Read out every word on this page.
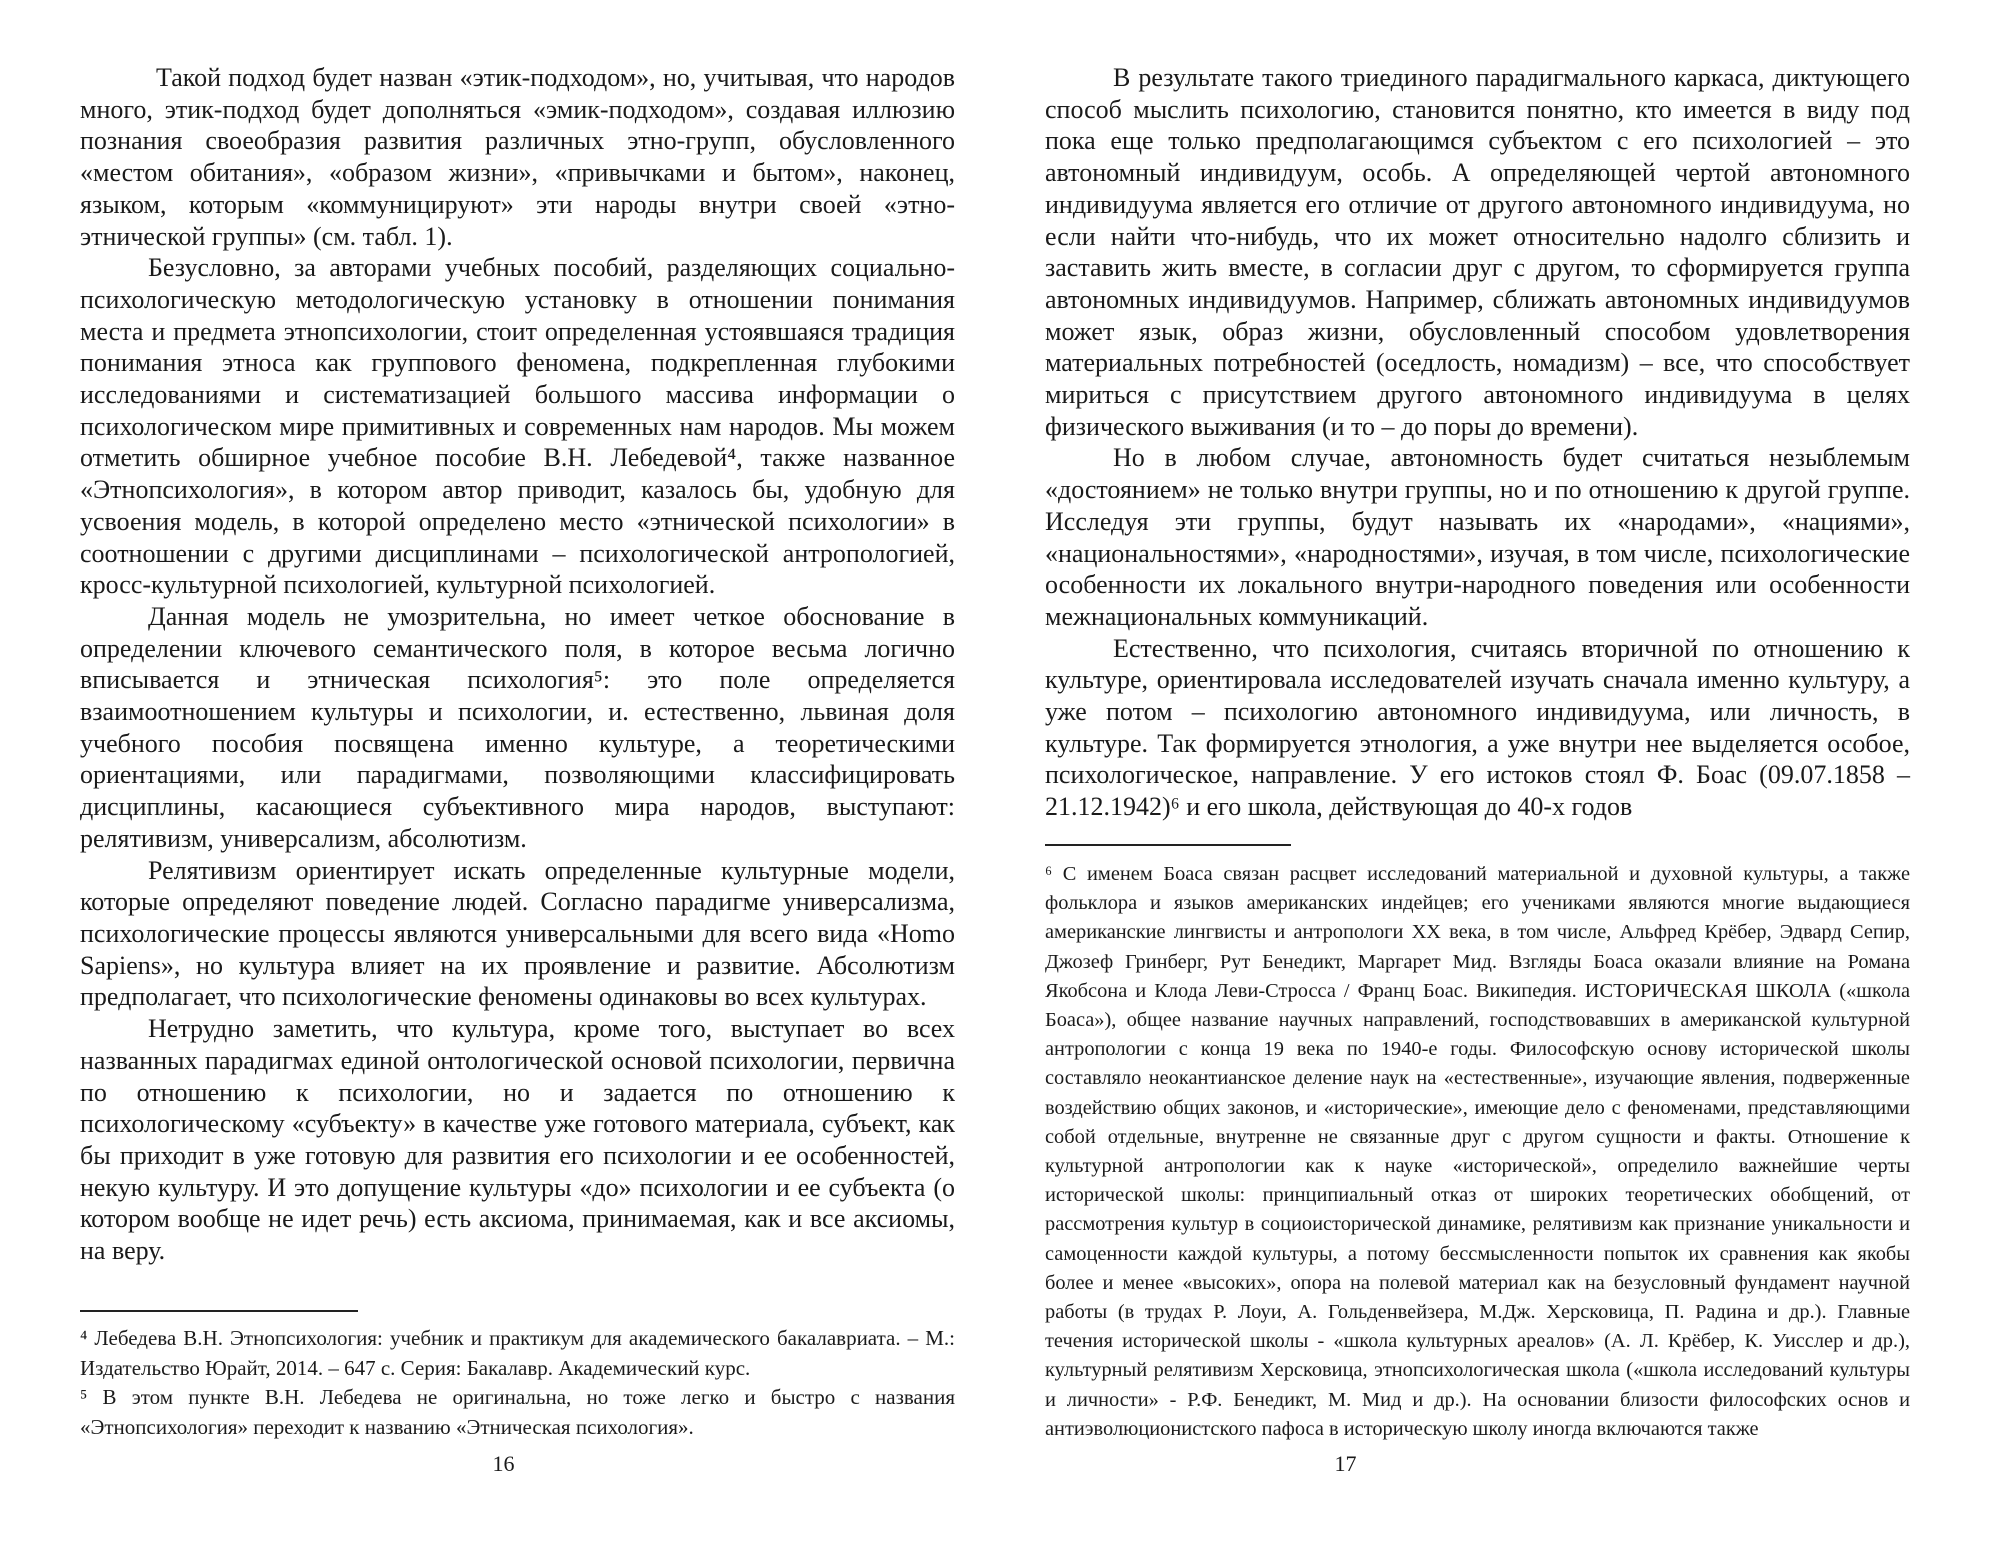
Такой подход будет назван «этик-подходом», но, учитывая, что народов много, этик-подход будет дополняться «эмик-подходом», создавая иллюзию познания своеобразия развития различных этно-групп, обусловленного «местом обитания», «образом жизни», «привычками и бытом», наконец, языком, которым «коммуницируют» эти народы внутри своей «этно-этнической группы» (см. табл. 1).

Безусловно, за авторами учебных пособий, разделяющих социально-психологическую методологическую установку в отношении понимания места и предмета этнопсихологии, стоит определенная устоявшаяся традиция понимания этноса как группового феномена, подкрепленная глубокими исследованиями и систематизацией большого массива информации о психологическом мире примитивных и современных нам народов. Мы можем отметить обширное учебное пособие В.Н. Лебедевой⁴, также названное «Этнопсихология», в котором автор приводит, казалось бы, удобную для усвоения модель, в которой определено место «этнической психологии» в соотношении с другими дисциплинами – психологической антропологией, кросс-культурной психологией, культурной психологией.

Данная модель не умозрительна, но имеет четкое обоснование в определении ключевого семантического поля, в которое весьма логично вписывается и этническая психология⁵: это поле определяется взаимоотношением культуры и психологии, и. естественно, львиная доля учебного пособия посвящена именно культуре, а теоретическими ориентациями, или парадигмами, позволяющими классифицировать дисциплины, касающиеся субъективного мира народов, выступают: релятивизм, универсализм, абсолютизм.

Релятивизм ориентирует искать определенные культурные модели, которые определяют поведение людей. Согласно парадигме универсализма, психологические процессы являются универсальными для всего вида «Homo Sapiens», но культура влияет на их проявление и развитие. Абсолютизм предполагает, что психологические феномены одинаковы во всех культурах.

Нетрудно заметить, что культура, кроме того, выступает во всех названных парадигмах единой онтологической основой психологии, первична по отношению к психологии, но и задается по отношению к психологическому «субъекту» в качестве уже готового материала, субъект, как бы приходит в уже готовую для развития его психологии и ее особенностей, некую культуру. И это допущение культуры «до» психологии и ее субъекта (о котором вообще не идет речь) есть аксиома, принимаемая, как и все аксиомы, на веру.

⁴ Лебедева В.Н. Этнопсихология: учебник и практикум для академического бакалавриата. – М.: Издательство Юрайт, 2014. – 647 с. Серия: Бакалавр. Академический курс.

⁵ В этом пункте В.Н. Лебедева не оригинальна, но тоже легко и быстро с названия «Этнопсихология» переходит к названию «Этническая психология».

16

В результате такого триединого парадигмального каркаса, диктующего способ мыслить психологию, становится понятно, кто имеется в виду под пока еще только предполагающимся субъектом с его психологией – это автономный индивидуум, особь. А определяющей чертой автономного индивидуума является его отличие от другого автономного индивидуума, но если найти что-нибудь, что их может относительно надолго сблизить и заставить жить вместе, в согласии друг с другом, то сформируется группа автономных индивидуумов. Например, сближать автономных индивидуумов может язык, образ жизни, обусловленный способом удовлетворения материальных потребностей (оседлость, номадизм) – все, что способствует мириться с присутствием другого автономного индивидуума в целях физического выживания (и то – до поры до времени).

Но в любом случае, автономность будет считаться незыблемым «достоянием» не только внутри группы, но и по отношению к другой группе. Исследуя эти группы, будут называть их «народами», «нациями», «национальностями», «народностями», изучая, в том числе, психологические особенности их локального внутри-народного поведения или особенности межнациональных коммуникаций.

Естественно, что психология, считаясь вторичной по отношению к культуре, ориентировала исследователей изучать сначала именно культуру, а уже потом – психологию автономного индивидуума, или личность, в культуре. Так формируется этнология, а уже внутри нее выделяется особое, психологическое, направление. У его истоков стоял Ф. Боас (09.07.1858 – 21.12.1942)⁶ и его школа, действующая до 40-х годов

⁶ С именем Боаса связан расцвет исследований материальной и духовной культуры, а также фольклора и языков американских индейцев; его учениками являются многие выдающиеся американские лингвисты и антропологи XX века, в том числе, Альфред Крёбер, Эдвард Сепир, Джозеф Гринберг, Рут Бенедикт, Маргарет Мид. Взгляды Боаса оказали влияние на Романа Якобсона и Клода Леви-Стросса / Франц Боас. Википедия. ИСТОРИЧЕСКАЯ ШКОЛА («школа Боаса»), общее название научных направлений, господствовавших в американской культурной антропологии с конца 19 века по 1940-е годы. Философскую основу исторической школы составляло неокантианское деление наук на «естественные», изучающие явления, подверженные воздействию общих законов, и «исторические», имеющие дело с феноменами, представляющими собой отдельные, внутренне не связанные друг с другом сущности и факты. Отношение к культурной антропологии как к науке «исторической», определило важнейшие черты исторической школы: принципиальный отказ от широких теоретических обобщений, от рассмотрения культур в социоисторической динамике, релятивизм как признание уникальности и самоценности каждой культуры, а потому бессмысленности попыток их сравнения как якобы более и менее «высоких», опора на полевой материал как на безусловный фундамент научной работы (в трудах Р. Лоуи, А. Гольденвейзера, М.Дж. Херсковица, П. Радина и др.). Главные течения исторической школы - «школа культурных ареалов» (А. Л. Крёбер, К. Уисслер и др.), культурный релятивизм Херсковица, этнопсихологическая школа («школа исследований культуры и личности» - Р.Ф. Бенедикт, М. Мид и др.). На основании близости философских основ и антиэволюционистского пафоса в историческую школу иногда включаются также

17
